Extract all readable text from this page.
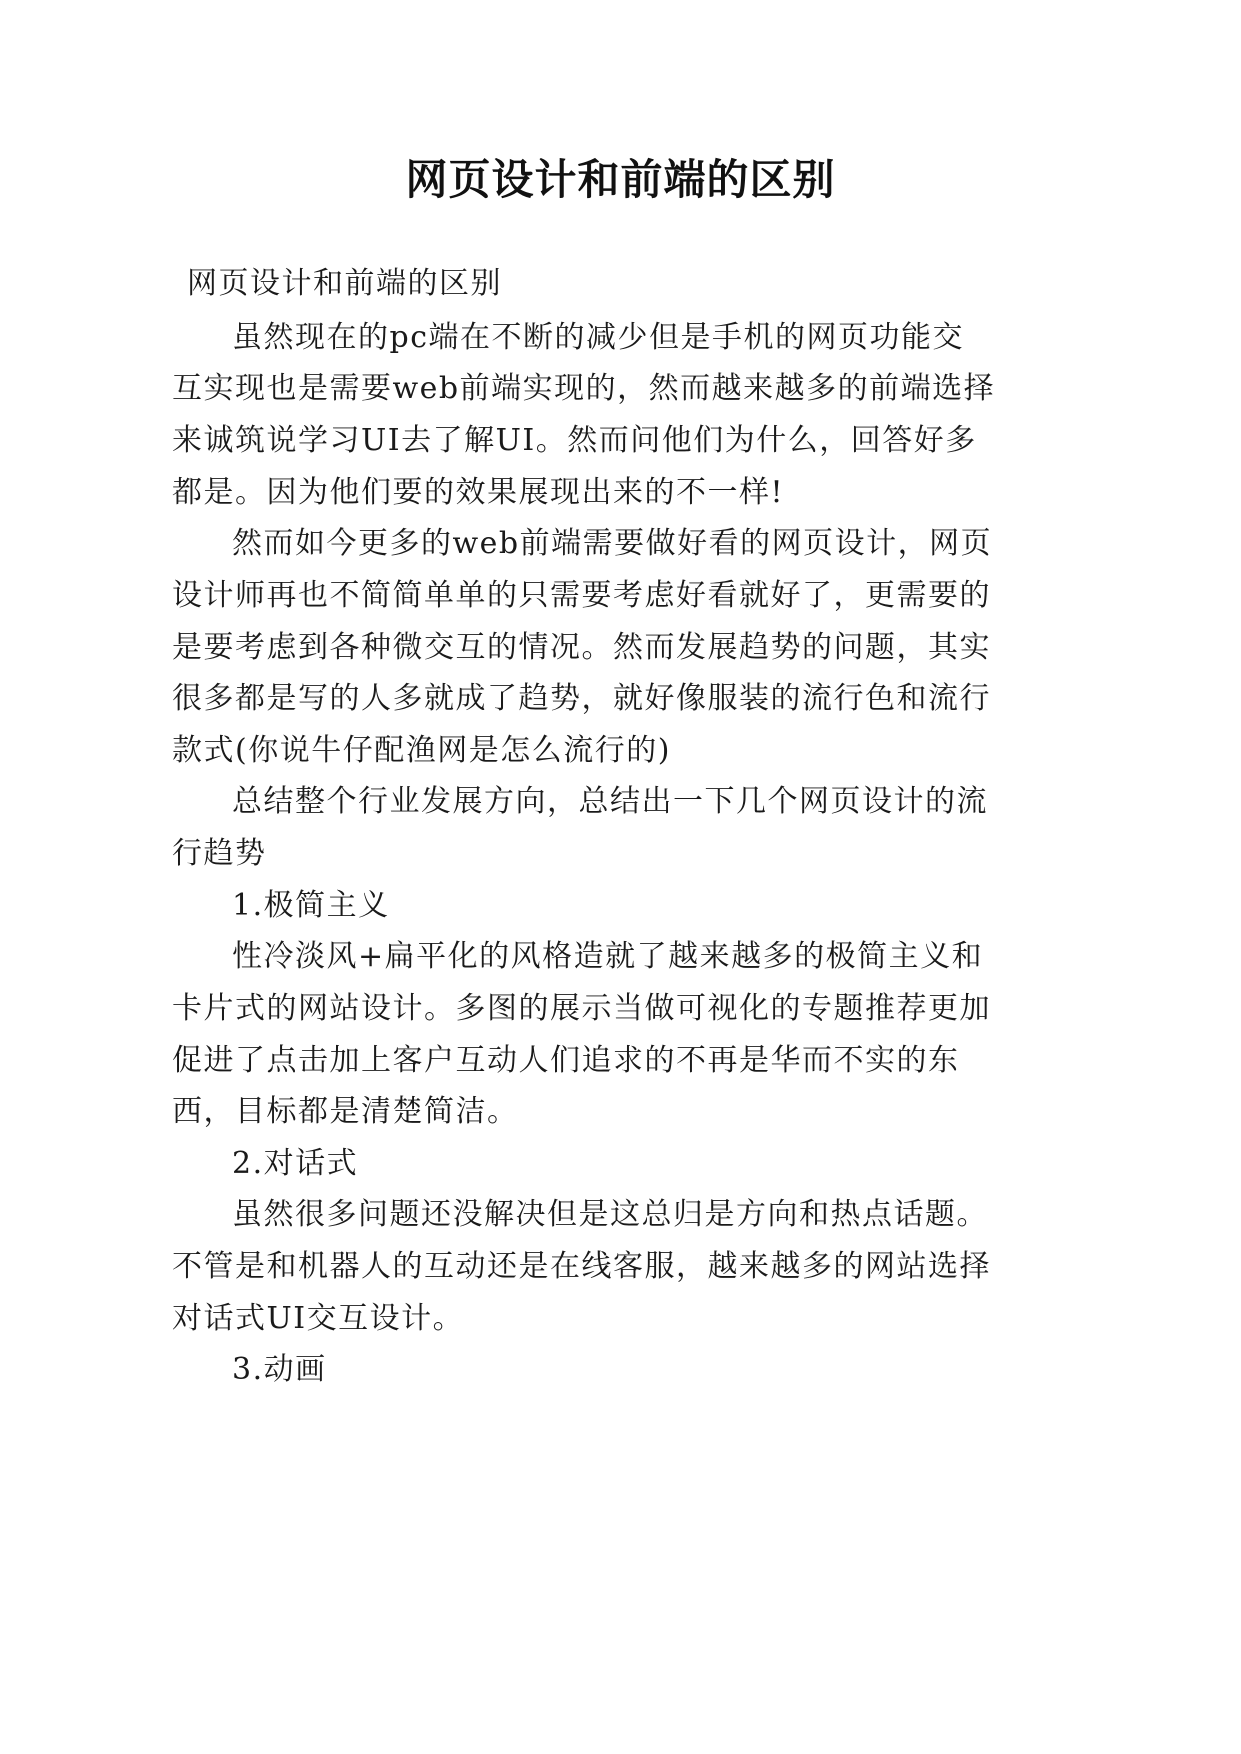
网页设计和前端的区别
网页设计和前端的区别
虽然现在的pc端在不断的减少但是手机的网页功能交
互实现也是需要web前端实现的，然而越来越多的前端选择
来诚筑说学习UI去了解UI。然而问他们为什么，回答好多
都是。因为他们要的效果展现出来的不一样!
然而如今更多的web前端需要做好看的网页设计，网页
设计师再也不简简单单的只需要考虑好看就好了，更需要的
是要考虑到各种微交互的情况。然而发展趋势的问题，其实
很多都是写的人多就成了趋势，就好像服装的流行色和流行
款式(你说牛仔配渔网是怎么流行的)
总结整个行业发展方向，总结出一下几个网页设计的流
行趋势
1.极简主义
性冷淡风+扁平化的风格造就了越来越多的极简主义和
卡片式的网站设计。多图的展示当做可视化的专题推荐更加
促进了点击加上客户互动人们追求的不再是华而不实的东
西，目标都是清楚简洁。
2.对话式
虽然很多问题还没解决但是这总归是方向和热点话题。
不管是和机器人的互动还是在线客服，越来越多的网站选择
对话式UI交互设计。
3.动画
